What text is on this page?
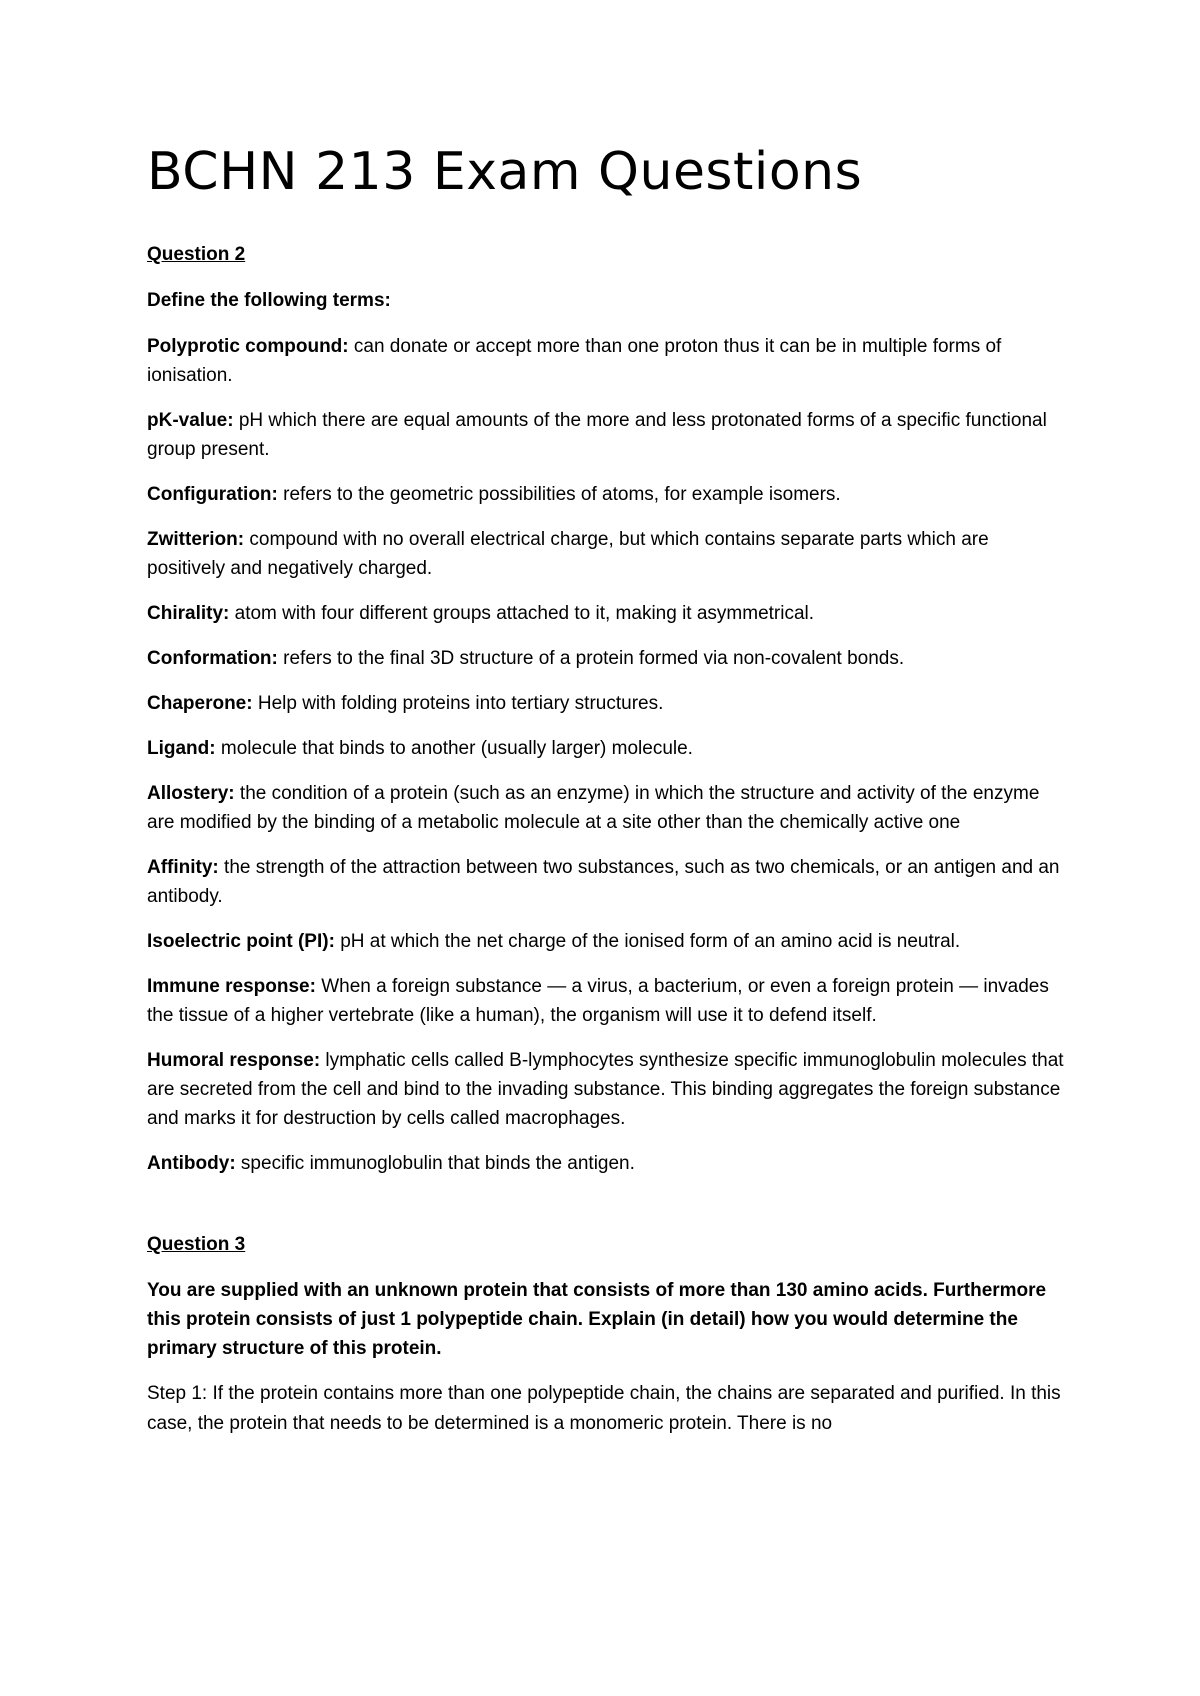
BCHN 213 Exam Questions
Question 2
Define the following terms:

Polyprotic compound: can donate or accept more than one proton thus it can be in multiple forms of ionisation.

pK-value: pH which there are equal amounts of the more and less protonated forms of a specific functional group present.

Configuration: refers to the geometric possibilities of atoms, for example isomers.

Zwitterion: compound with no overall electrical charge, but which contains separate parts which are positively and negatively charged.

Chirality: atom with four different groups attached to it, making it asymmetrical.

Conformation: refers to the final 3D structure of a protein formed via non-covalent bonds.

Chaperone: Help with folding proteins into tertiary structures.

Ligand: molecule that binds to another (usually larger) molecule.

Allostery: the condition of a protein (such as an enzyme) in which the structure and activity of the enzyme are modified by the binding of a metabolic molecule at a site other than the chemically active one

Affinity: the strength of the attraction between two substances, such as two chemicals, or an antigen and an antibody.

Isoelectric point (PI): pH at which the net charge of the ionised form of an amino acid is neutral.

Immune response: When a foreign substance — a virus, a bacterium, or even a foreign protein — invades the tissue of a higher vertebrate (like a human), the organism will use it to defend itself.

Humoral response: lymphatic cells called B-lymphocytes synthesize specific immunoglobulin molecules that are secreted from the cell and bind to the invading substance. This binding aggregates the foreign substance and marks it for destruction by cells called macrophages.

Antibody: specific immunoglobulin that binds the antigen.

Question 3
You are supplied with an unknown protein that consists of more than 130 amino acids. Furthermore this protein consists of just 1 polypeptide chain. Explain (in detail) how you would determine the primary structure of this protein.

Step 1: If the protein contains more than one polypeptide chain, the chains are separated and purified. In this case, the protein that needs to be determined is a monomeric protein. There is no
